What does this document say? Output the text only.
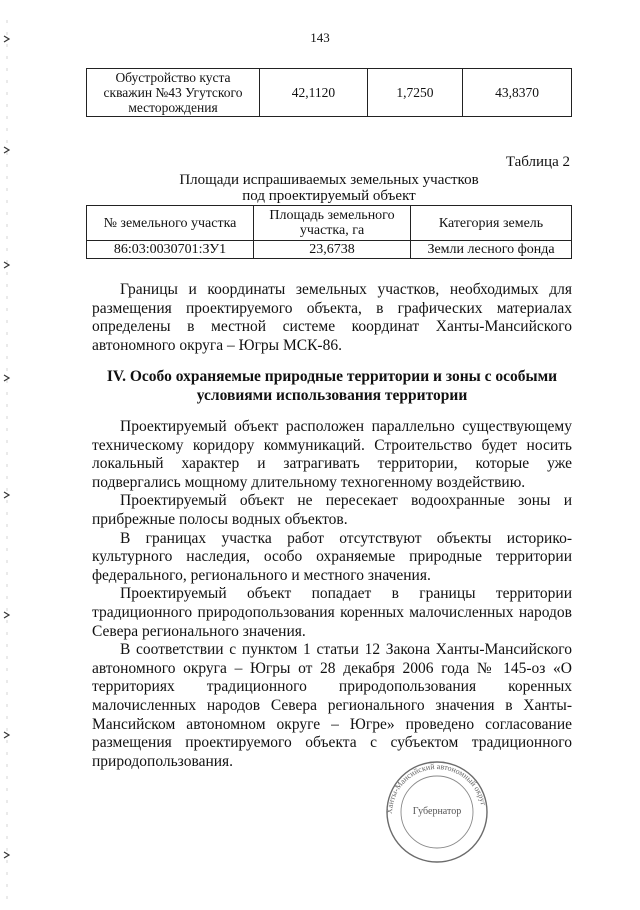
143
Обустройство куста скважин №43 Угутского месторождения	42,1120	1,7250	43,8370
Таблица 2
Площади испрашиваемых земельных участков
под проектируемый объект
№ земельного участка	Площадь земельного участка, га	Категория земель
86:03:0030701:ЗУ1	23,6738	Земли лесного фонда

Границы и координаты земельных участков, необходимых для размещения проектируемого объекта, в графических материалах определены в местной системе координат Ханты-Мансийского автономного округа – Югры МСК-86.

IV. Особо охраняемые природные территории и зоны с особыми условиями использования территории

Проектируемый объект расположен параллельно существующему техническому коридору коммуникаций. Строительство будет носить локальный характер и затрагивать территории, которые уже подвергались мощному длительному техногенному воздействию.

Проектируемый объект не пересекает водоохранные зоны и прибрежные полосы водных объектов.

В границах участка работ отсутствуют объекты историко-культурного наследия, особо охраняемые природные территории федерального, регионального и местного значения.

Проектируемый объект попадает в границы территории традиционного природопользования коренных малочисленных народов Севера регионального значения.

В соответствии с пунктом 1 статьи 12 Закона Ханты-Мансийского автономного округа – Югры от 28 декабря 2006 года № 145-оз «О территориях традиционного природопользования коренных малочисленных народов Севера регионального значения в Ханты-Мансийском автономном округе – Югре» проведено согласование размещения проектируемого объекта с субъектом традиционного природопользования.

Ханты-Мансийский автономный округ
Губернатор
